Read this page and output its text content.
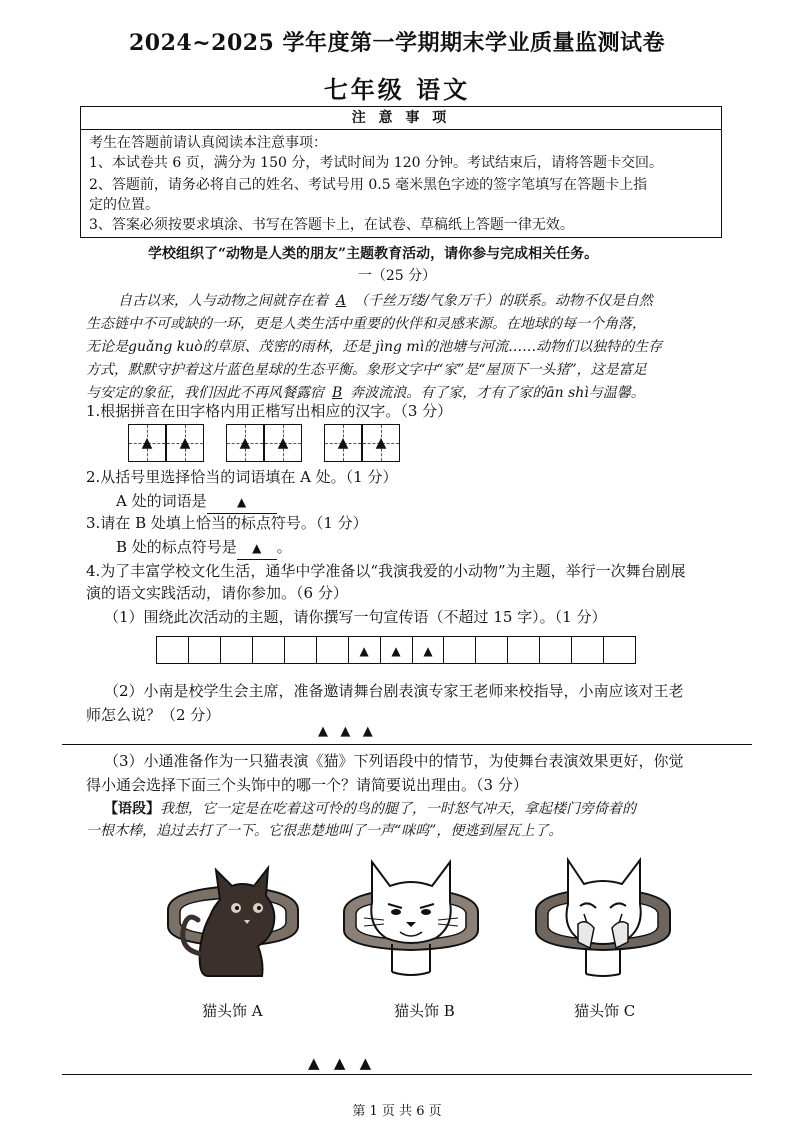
2024~2025 学年度第一学期期末学业质量监测试卷
七年级 语文
注 意 事 项
考生在答题前请认真阅读本注意事项：
1、本试卷共 6 页，满分为 150 分，考试时间为 120 分钟。考试结束后，请将答题卡交回。
2、答题前，请务必将自己的姓名、考试号用 0.5 毫米黑色字迹的签字笔填写在答题卡上指
定的位置。
3、答案必须按要求填涂、书写在答题卡上，在试卷、草稿纸上答题一律无效。
学校组织了“动物是人类的朋友”主题教育活动，请你参与完成相关任务。
一（25 分）
自古以来，人与动物之间就存在着 A （千丝万缕/气象万千）的联系。动物不仅是自然
生态链中不可或缺的一环，更是人类生活中重要的伙伴和灵感来源。在地球的每一个角落，
无论是guǎng kuò的草原、茂密的雨林，还是 jìng mì的池塘与河流……动物们以独特的生存
方式，默默守护着这片蓝色星球的生态平衡。象形文字中“家”是“屋顶下一头猪”，这是富足
与安定的象征，我们因此不再风餐露宿 B 奔波流浪。有了家，才有了家的ān shì与温馨。
1.根据拼音在田字格内用正楷写出相应的汉字。（3 分）
▲ ▲	▲ ▲	▲ ▲
2.从括号里选择恰当的词语填在 A 处。（1 分）
A 处的词语是	▲
3.请在 B 处填上恰当的标点符号。（1 分）
B 处的标点符号是 ▲ 。
4.为了丰富学校文化生活，通华中学准备以“我演我爱的小动物”为主题，举行一次舞台剧展
演的语文实践活动，请你参加。（6 分）
（1）围绕此次活动的主题，请你撰写一句宣传语（不超过 15 字）。（1 分）
▲ ▲ ▲
（2）小南是校学生会主席，准备邀请舞台剧表演专家王老师来校指导，小南应该对王老
师怎么说？（2 分）
▲   ▲   ▲
（3）小通准备作为一只猫表演《猫》下列语段中的情节，为使舞台表演效果更好，你觉
得小通会选择下面三个头饰中的哪一个？请简要说出理由。（3 分）
【语段】我想，它一定是在吃着这可怜的鸟的腿了，一时怒气冲天，拿起楼门旁倚着的
一根木棒，追过去打了一下。它很悲楚地叫了一声“咪呜”，便逃到屋瓦上了。
猫头饰 A	猫头饰 B	猫头饰 C
▲   ▲   ▲
第 1 页 共 6 页
